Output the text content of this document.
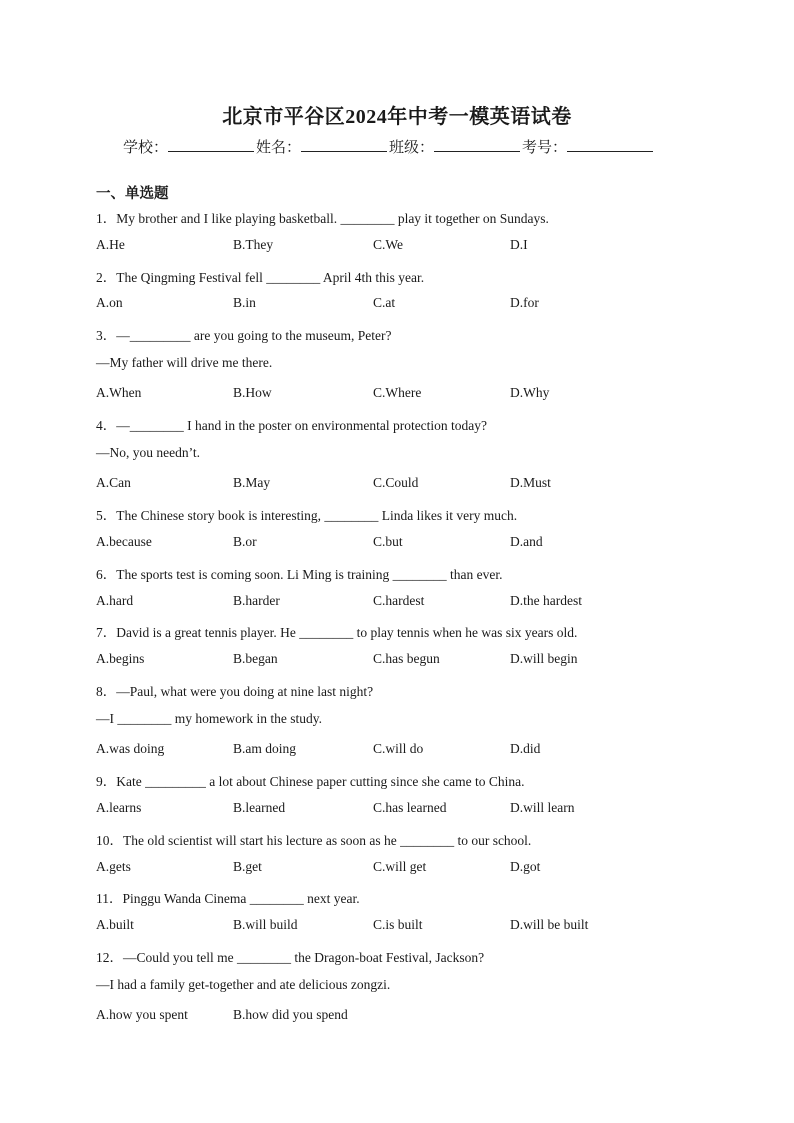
北京市平谷区2024年中考一模英语试卷
学校：	姓名：	班级：	考号：
一、单选题
1．My brother and I like playing basketball. ________ play it together on Sundays.
A.He	B.They	C.We	D.I
2．The Qingming Festival fell ________ April 4th this year.
A.on	B.in	C.at	D.for
3．—_________ are you going to the museum, Peter?
—My father will drive me there.
A.When	B.How	C.Where	D.Why
4．—________ I hand in the poster on environmental protection today?
—No, you needn’t.
A.Can	B.May	C.Could	D.Must
5．The Chinese story book is interesting, ________ Linda likes it very much.
A.because	B.or	C.but	D.and
6．The sports test is coming soon. Li Ming is training ________ than ever.
A.hard	B.harder	C.hardest	D.the hardest
7．David is a great tennis player. He ________ to play tennis when he was six years old.
A.begins	B.began	C.has begun	D.will begin
8．—Paul, what were you doing at nine last night?
—I ________ my homework in the study.
A.was doing	B.am doing	C.will do	D.did
9．Kate _________ a lot about Chinese paper cutting since she came to China.
A.learns	B.learned	C.has learned	D.will learn
10．The old scientist will start his lecture as soon as he ________ to our school.
A.gets	B.get	C.will get	D.got
11．Pinggu Wanda Cinema ________ next year.
A.built	B.will build	C.is built	D.will be built
12．—Could you tell me ________ the Dragon-boat Festival, Jackson?
—I had a family get-together and ate delicious zongzi.
A.how you spent	B.how did you spend
